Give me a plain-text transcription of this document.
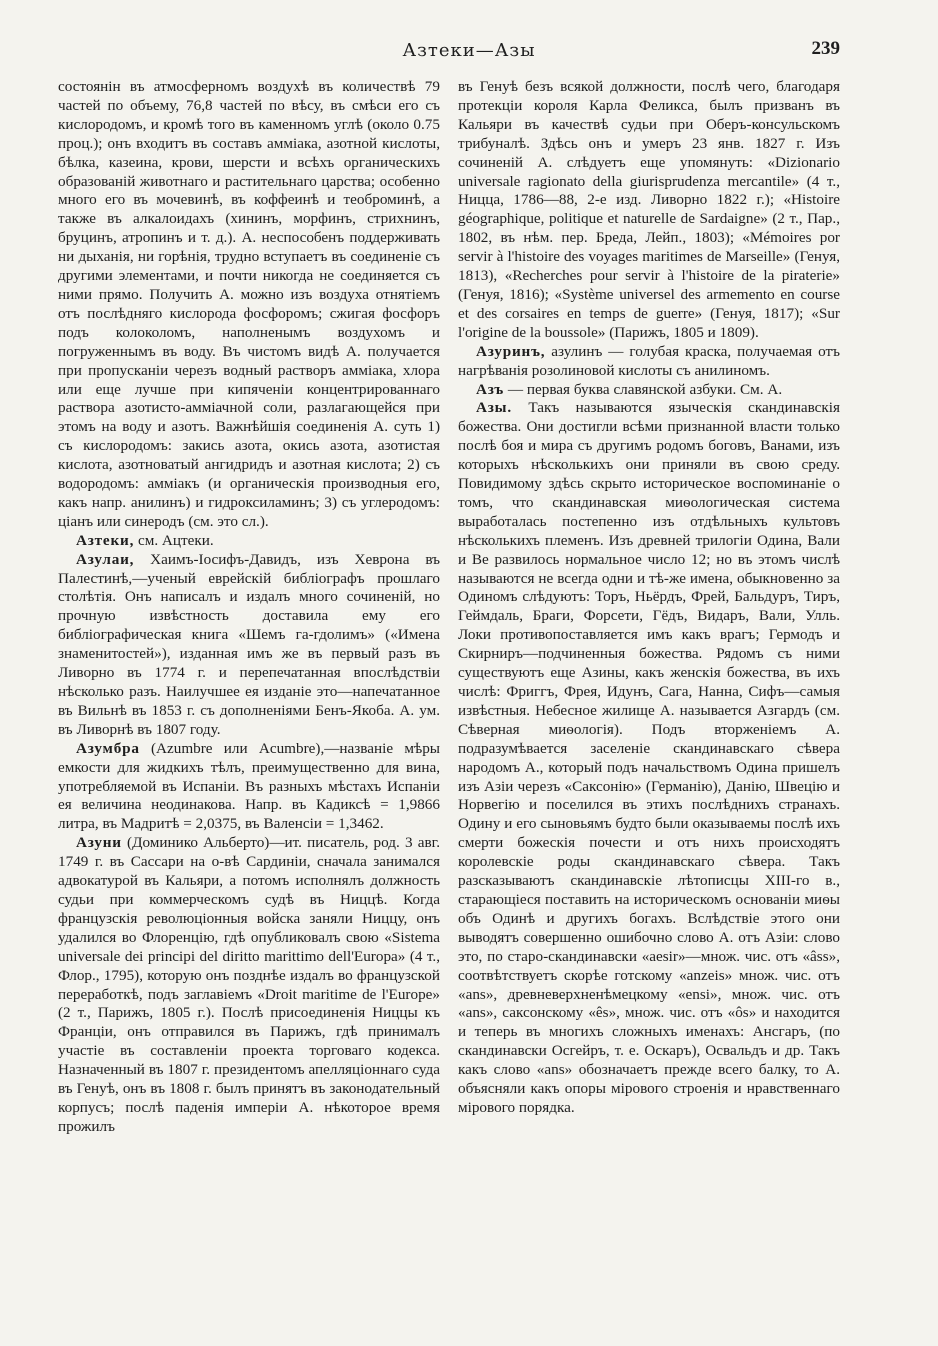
Азтеки—Азы	239

состоянін въ атмосферномъ воздухѣ въ количествѣ 79 частей по объему, 76,8 частей по вѣсу, въ смѣси его съ кислородомъ, и кромѣ того въ каменномъ углѣ (около 0.75 проц.); онъ входитъ въ составъ аммiака, азотной кислоты, бѣлка, казеина, крови, шерсти и всѣхъ органическихъ образованій животнаго и растительнаго царства; особенно много его въ мочевинѣ, въ коффеинѣ и теоброминѣ, а также въ алкалоидахъ (хининъ, морфинъ, стрихнинъ, бруцинъ, атропинъ и т. д.). А. неспособенъ поддерживать ни дыханія, ни горѣнія, трудно вступаетъ въ соединеніе съ другими элементами, и почти никогда не соединяется съ ними прямо. Получить А. можно изъ воздуха отнятіемъ отъ послѣдняго кислорода фосфоромъ; сжигая фосфоръ подъ колоколомъ, наполненымъ воздухомъ и погруженнымъ въ воду. Въ чистомъ видѣ А. получается при пропусканіи черезъ водный растворъ аммiака, хлора или еще лучше при кипяченіи концентрированнаго раствора азотисто-аммiачной соли, разлагающейся при этомъ на воду и азотъ. Важнѣйшія соединенія А. суть 1) съ кислородомъ: закись азота, окись азота, азотистая кислота, азотноватый ангидридъ и азотная кислота; 2) съ водородомъ: аммiакъ (и органическія производныя его, какъ напр. анилинъ) и гидроксиламинъ; 3) съ углеродомъ: ціанъ или синеродъ (см. это сл.).

Азтеки, см. Ацтеки.

Азулаи, Хаимъ-Іосифъ-Давидъ, изъ Хеврона въ Палестинѣ,—ученый еврейскій библіографъ прошлаго столѣтія. Онъ написалъ и издалъ много сочиненій, но прочную извѣстность доставила ему его библіографическая книга «Шемъ га-гдолимъ» («Имена знаменитостей»), изданная имъ же въ первый разъ въ Ливорно въ 1774 г. и перепечатанная впослѣдствіи нѣсколько разъ. Наилучшее ея изданіе это—напечатанное въ Вильнѣ въ 1853 г. съ дополненіями Бенъ-Якоба. А. ум. въ Ливорнѣ въ 1807 году.

Азумбра (Azumbre или Acumbre),—названіе мѣры емкости для жидкихъ тѣлъ, преимущественно для вина, употребляемой въ Испаніи. Въ разныхъ мѣстахъ Испаніи ея величина неодинакова. Напр. въ Кадиксѣ = 1,9866 литра, въ Мадритѣ = 2,0375, въ Валенсіи = 1,3462.

Азуни (Доминико Альберто)—ит. писатель, род. 3 авг. 1749 г. въ Сассари на о-вѣ Сардиніи, сначала занимался адвокатурой въ Кальяри, а потомъ исполнялъ должность судьи при коммерческомъ судѣ въ Ниццѣ. Когда французскія революціонныя войска заняли Ниццу, онъ удалился во Флоренцію, гдѣ опубликовалъ свою «Sistema universale dei principi del diritto marittimo dell'Europa» (4 т., Флор., 1795), которую онъ позднѣе издалъ во французской переработкѣ, подъ заглавіемъ «Droit maritime de l'Europe» (2 т., Парижъ, 1805 г.). Послѣ присоединенія Ниццы къ Франціи, онъ отправился въ Парижъ, гдѣ принималъ участіе въ составленіи проекта торговаго кодекса. Назначенный въ 1807 г. президентомъ апелляціоннаго суда въ Генуѣ, онъ въ 1808 г. былъ принятъ въ законодательный корпусъ; послѣ паденія имперіи А. нѣкоторое время прожилъ

въ Генуѣ безъ всякой должности, послѣ чего, благодаря протекціи короля Карла Феликса, былъ призванъ въ Кальяри въ качествѣ судьи при Оберъ-консульскомъ трибуналѣ. Здѣсь онъ и умеръ 23 янв. 1827 г. Изъ сочиненій А. слѣдуетъ еще упомянуть: «Dizionario universale ragionato della giurisprudenza mercantile» (4 т., Ницца, 1786—88, 2-е изд. Ливорно 1822 г.); «Histoire géographique, politique et naturelle de Sardaigne» (2 т., Пар., 1802, въ нѣм. пер. Бреда, Лейп., 1803); «Mémoires por servir à l'histoire des voyages maritimes de Marseille» (Генуя, 1813), «Recherches pour servir à l'histoire de la piraterie» (Генуя, 1816); «Système universel des armemento en course et des corsaires en temps de guerre» (Генуя, 1817); «Sur l'origine de la boussole» (Парижъ, 1805 и 1809).

Азуринъ, азулинъ — голубая краска, получаемая отъ нагрѣванія розолиновой кислоты съ анилиномъ.

Азъ — первая буква славянской азбуки. См. А.

Азы. Такъ называются языческія скандинавскія божества. Они достигли всѣми признанной власти только послѣ боя и мира съ другимъ родомъ боговъ, Ванами, изъ которыхъ нѣсколькихъ они приняли въ свою среду. Повидимому здѣсь скрыто историческое воспоминаніе о томъ, что скандинавская миѳологическая система выработалась постепенно изъ отдѣльныхъ культовъ нѣсколькихъ племенъ. Изъ древней трилогіи Одина, Вали и Ве развилось нормальное число 12; но въ этомъ числѣ называются не всегда одни и тѣ-же имена, обыкновенно за Одиномъ слѣдуютъ: Торъ, Ньёрдъ, Фрей, Бальдуръ, Тиръ, Геймдаль, Браги, Форсети, Гёдъ, Видаръ, Вали, Улль. Локи противопоставляется имъ какъ врагъ; Гермодъ и Скирниръ—подчиненныя божества. Рядомъ съ ними существуютъ еще Азины, какъ женскія божества, въ ихъ числѣ: Фриггъ, Фрея, Идунъ, Сага, Нанна, Сифъ—самыя извѣстныя. Небесное жилище А. называется Азгардъ (см. Сѣверная миѳологія). Подъ вторженіемъ А. подразумѣвается заселеніе скандинавскаго сѣвера народомъ А., который подъ начальствомъ Одина пришелъ изъ Азіи черезъ «Саксонію» (Германію), Данію, Швецію и Норвегію и поселился въ этихъ послѣднихъ странахъ. Одину и его сыновьямъ будто были оказываемы послѣ ихъ смерти божескія почести и отъ нихъ происходятъ королевскіе роды скандинавскаго сѣвера. Такъ разсказываютъ скандинавскіе лѣтописцы XIII-го в., старающіеся поставить на историческомъ основаніи миѳы объ Одинѣ и другихъ богахъ. Вслѣдствіе этого они выводятъ совершенно ошибочно слово А. отъ Азіи: слово это, по старо-скандинавски «aesir»—множ. чис. отъ «âss», соотвѣтствуетъ скорѣе готскому «anzeis» множ. чис. отъ «ans», древневерхненѣмецкому «ensi», множ. чис. отъ «ans», саксонскому «ês», множ. чис. отъ «ôs» и находится и теперь въ многихъ сложныхъ именахъ: Ансгаръ, (по скандинавски Осгейръ, т. е. Оскаръ), Освальдъ и др. Такъ какъ слово «ans» обозначаетъ прежде всего балку, то А. объясняли какъ опоры мірового строенія и нравственнаго мірового порядка.
